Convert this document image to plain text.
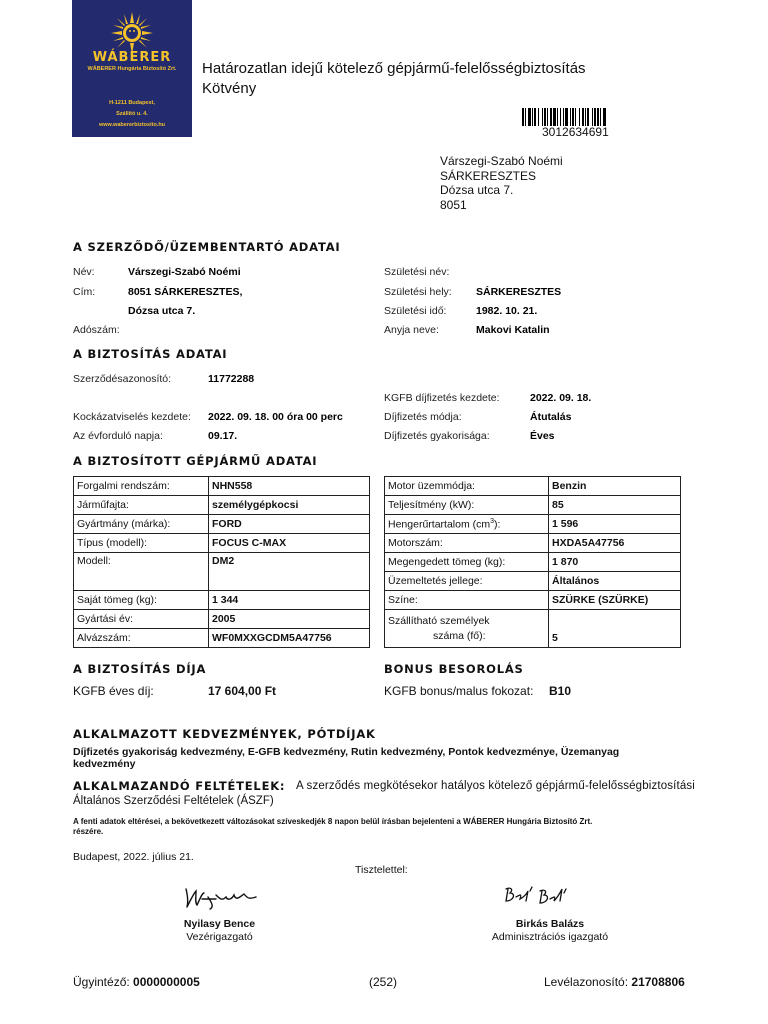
WÁBERER
WÁBERER Hungária Biztosító Zrt.
H-1211 Budapest,
Szállító u. 4.
www.wabererbiztosito.hu
Határozatlan idejű kötelező gépjármű-felelősségbiztosítás
Kötvény
3012634691
Várszegi-Szabó Noémi
SÁRKERESZTES
Dózsa utca 7.
8051
A SZERZŐDŐ/ÜZEMBENTARTÓ ADATAI
Név:	Várszegi-Szabó Noémi
Cím:	8051 SÁRKERESZTES,
Dózsa utca 7.
Adószám:
Születési név:
Születési hely: SÁRKERESZTES
Születési idő:	1982. 10. 21.
Anyja neve:	Makovi Katalin
A BIZTOSÍTÁS ADATAI
Szerződésazonosító:	11772288
KGFB díjfizetés kezdete:	2022. 09. 18.
Kockázatviselés kezdete: 2022. 09. 18. 00 óra 00 perc	Díjfizetés módja:	Átutalás
Az évforduló napja:	09.17.	Díjfizetés gyakorisága:	Éves
A BIZTOSÍTOTT GÉPJÁRMŰ ADATAI
Forgalmi rendszám:	NHN558
Járműfajta:	személygépkocsi
Gyártmány (márka):	FORD
Típus (modell):	FOCUS C-MAX
Modell:	DM2
Saját tömeg (kg):	1 344
Gyártási év:	2005
Alvázszám:	WF0MXXGCDM5A47756
Motor üzemmódja:	Benzin
Teljesítmény (kW):	85
Hengerűrtartalom $(cm^3)$:	1 596
Motorszám:	HXDA5A47756
Megengedett tömeg (kg):	1 870
Üzemeltetés jellege:	Általános
Színe:	SZÜRKE (SZÜRKE)

Szállítható személyek
száma (fő):	5
A BIZTOSÍTÁS DÍJA
KGFB éves díj:	17 604,00 Ft
BONUS BESOROLÁS
KGFB bonus/malus fokozat: B10
ALKALMAZOTT KEDVEZMÉNYEK, PÓTDÍJAK
Díjfizetés gyakoriság kedvezmény, E-GFB kedvezmény, Rutin kedvezmény, Pontok kedvezménye, Üzemanyag
kedvezmény
ALKALMAZANDÓ FELTÉTELEK: A szerződés megkötésekor hatályos kötelező gépjármű-felelősségbiztosítási
Általános Szerződési Feltételek (ÁSZF)
A fenti adatok eltérései, a bekövetkezett változásokat szíveskedjék 8 napon belül írásban bejelenteni a WÁBERER Hungária Biztosító Zrt.
részére.
Budapest, 2022. július 21.
Tisztelettel:
Nyilasy Bence
Vezérigazgató
Birkás Balázs
Adminisztrációs igazgató
Ügyintéző: 0000000005	(252)	Levélazonosító: 21708806
